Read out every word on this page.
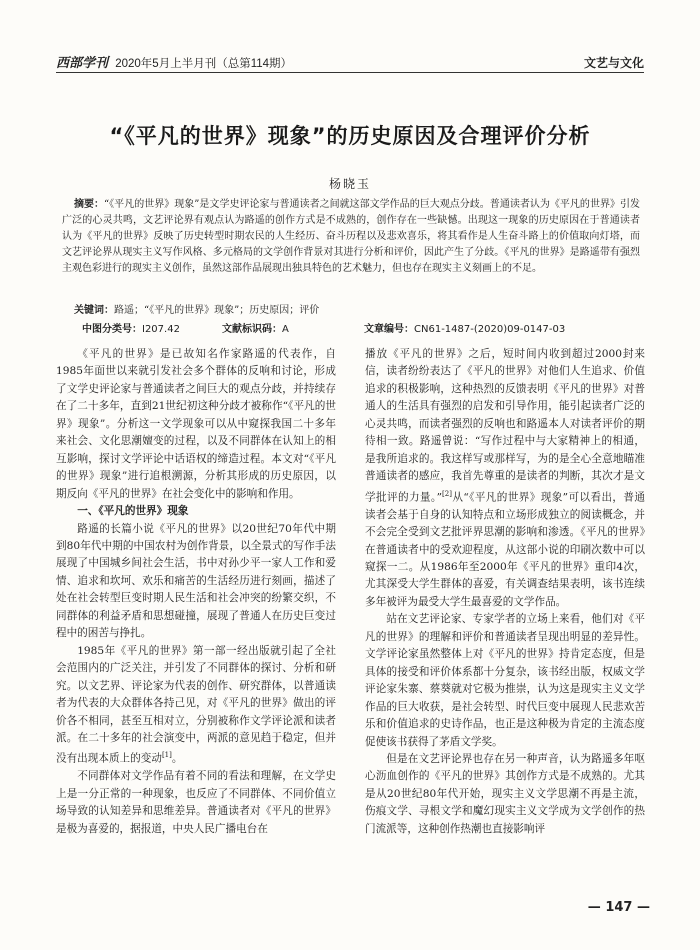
西部学刊 2020年5月上半月刊（总第114期）	文艺与文化
“《平凡的世界》现象”的历史原因及合理评价分析
杨晓玉
摘要：“《平凡的世界》现象”是文学史评论家与普通读者之间就这部文学作品的巨大观点分歧。普通读者认为《平凡的世界》引发广泛的心灵共鸣，文艺评论界有观点认为路遥的创作方式是不成熟的，创作存在一些缺憾。出现这一现象的历史原因在于普通读者认为《平凡的世界》反映了历史转型时期农民的人生经历、奋斗历程以及悲欢喜乐，将其看作是人生奋斗路上的价值取向灯塔，而文艺评论界从现实主义写作风格、多元格局的文学创作背景对其进行分析和评价，因此产生了分歧。《平凡的世界》是路遥带有强烈主观色彩进行的现实主义创作，虽然这部作品展现出独具特色的艺术魅力，但也存在现实主义刻画上的不足。
关键词：路遥；“《平凡的世界》现象”；历史原因；评价
中图分类号：I207.42	文献标识码：A	文章编号：CN61-1487-(2020)09-0147-03

《平凡的世界》是已故知名作家路遥的代表作，自1985年面世以来就引发社会多个群体的反响和讨论，形成了文学史评论家与普通读者之间巨大的观点分歧，并持续存在了二十多年，直到21世纪初这种分歧才被称作“《平凡的世界》现象”。分析这一文学现象可以从中窥探我国二十多年来社会、文化思潮嬗变的过程，以及不同群体在认知上的相互影响，探讨文学评论中话语权的缔造过程。本文对“《平凡的世界》现象”进行追根溯源，分析其形成的历史原因，以期反向《平凡的世界》在社会变化中的影响和作用。

一、《平凡的世界》现象

路遥的长篇小说《平凡的世界》以20世纪70年代中期到80年代中期的中国农村为创作背景，以全景式的写作手法展现了中国城乡间社会生活，书中对孙少平一家人工作和爱情、追求和坎坷、欢乐和痛苦的生活经历进行刻画，描述了处在社会转型巨变时期人民生活和社会冲突的纷繁交织，不同群体的利益矛盾和思想碰撞，展现了普通人在历史巨变过程中的困苦与挣扎。

1985年《平凡的世界》第一部一经出版就引起了全社会范围内的广泛关注，并引发了不同群体的探讨、分析和研究。以文艺界、评论家为代表的创作、研究群体，以普通读者为代表的大众群体各持己见，对《平凡的世界》做出的评价各不相同，甚至互相对立，分别被称作文学评论派和读者派。在二十多年的社会演变中，两派的意见趋于稳定，但并没有出现本质上的变动[1]。

不同群体对文学作品有着不同的看法和理解，在文学史上是一分正常的一种现象，也反应了不同群体、不同价值立场导致的认知差异和思维差异。普通读者对《平凡的世界》是极为喜爱的，据报道，中央人民广播电台在

播放《平凡的世界》之后，短时间内收到超过2000封来信，读者纷纷表达了《平凡的世界》对他们人生追求、价值追求的积极影响，这种热烈的反馈表明《平凡的世界》对普通人的生活具有强烈的启发和引导作用，能引起读者广泛的心灵共鸣，而读者强烈的反响也和路遥本人对读者评价的期待相一致。路遥曾说：“写作过程中与大家精神上的相通，是我所追求的。我这样写或那样写，为的是全心全意地瞄准普通读者的感应，我首先尊重的是读者的判断，其次才是文学批评的力量。”[2]从“《平凡的世界》现象”可以看出，普通读者会基于自身的认知特点和立场形成独立的阅读概念，并不会完全受到文艺批评界思潮的影响和渗透。《平凡的世界》在普通读者中的受欢迎程度，从这部小说的印刷次数中可以窥探一二。从1986年至2000年《平凡的世界》重印4次，尤其深受大学生群体的喜爱，有关调查结果表明，该书连续多年被评为最受大学生最喜爱的文学作品。

站在文艺评论家、专家学者的立场上来看，他们对《平凡的世界》的理解和评价和普通读者呈现出明显的差异性。文学评论家虽然整体上对《平凡的世界》持肯定态度，但是具体的接受和评价体系都十分复杂，该书经出版，权威文学评论家朱寨、蔡葵就对它极为推崇，认为这是现实主义文学作品的巨大收获，是社会转型、时代巨变中展现人民悲欢苦乐和价值追求的史诗作品，也正是这种极为肯定的主流态度促使该书获得了茅盾文学奖。

但是在文艺评论界也存在另一种声音，认为路遥多年呕心沥血创作的《平凡的世界》其创作方式是不成熟的。尤其是从20世纪80年代开始，现实主义文学思潮不再是主流，伤痕文学、寻根文学和魔幻现实主义文学成为文学创作的热门流派等，这种创作热潮也直接影响评

— 147 —
